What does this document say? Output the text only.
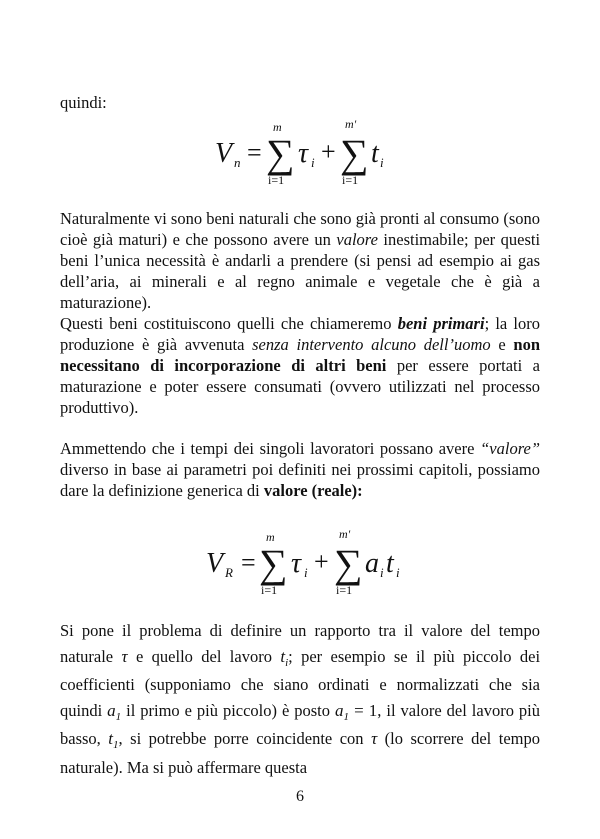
quindi:

V n =
m
∑
i=1
τ i +
m'
∑
i=1
t i

Naturalmente vi sono beni naturali che sono già pronti al consumo (sono cioè già maturi) e che possono avere un valore inestimabile; per questi beni l’unica necessità è andarli a prendere (si pensi ad esempio ai gas dell’aria, ai minerali e al regno animale e vegetale che è già a maturazione).

Questi beni costituiscono quelli che chiameremo beni primari; la loro produzione è già avvenuta senza intervento alcuno dell’uomo e non necessitano di incorporazione di altri beni per essere portati a maturazione e poter essere consumati (ovvero utilizzati nel processo produttivo).

Ammettendo che i tempi dei singoli lavoratori possano avere “valore” diverso in base ai parametri poi definiti nei prossimi capitoli, possiamo dare la definizione generica di valore (reale):

V R =
m
∑
i=1
τ i +
m'
∑
i=1
a i t i

Si pone il problema di definire un rapporto tra il valore del tempo naturale τ e quello del lavoro $t_i$; per esempio se il più piccolo dei coefficienti (supponiamo che siano ordinati e normalizzati che sia quindi $a_1$ il primo e più piccolo) è posto $a_1 = 1$, il valore del lavoro più basso, $t_1$, si potrebbe porre coincidente con τ (lo scorrere del tempo naturale). Ma si può affermare questa

6
